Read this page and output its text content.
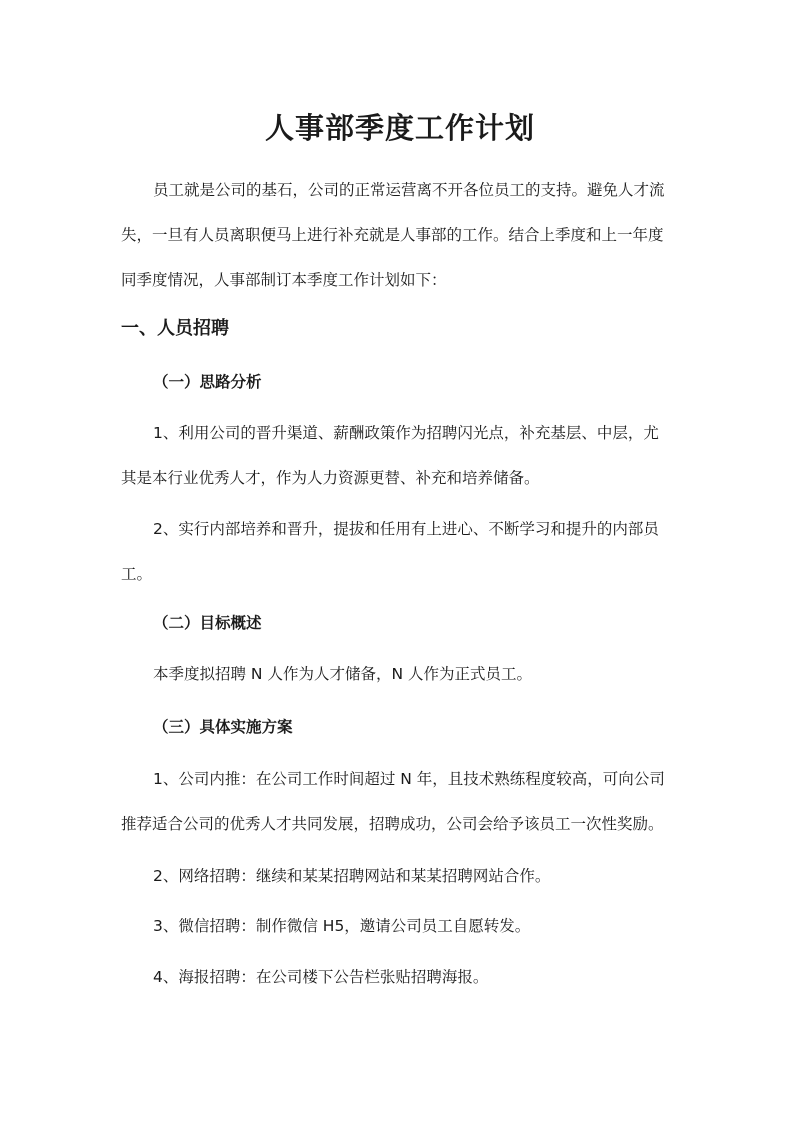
人事部季度工作计划

员工就是公司的基石，公司的正常运营离不开各位员工的支持。避免人才流

失，一旦有人员离职便马上进行补充就是人事部的工作。结合上季度和上一年度

同季度情况，人事部制订本季度工作计划如下：

一、人员招聘
（一）思路分析

1、利用公司的晋升渠道、薪酬政策作为招聘闪光点，补充基层、中层，尤

其是本行业优秀人才，作为人力资源更替、补充和培养储备。

2、实行内部培养和晋升，提拔和任用有上进心、不断学习和提升的内部员

工。

（二）目标概述

本季度拟招聘 N 人作为人才储备，N 人作为正式员工。

（三）具体实施方案

1、公司内推：在公司工作时间超过 N 年，且技术熟练程度较高，可向公司

推荐适合公司的优秀人才共同发展，招聘成功，公司会给予该员工一次性奖励。

2、网络招聘：继续和某某招聘网站和某某招聘网站合作。

3、微信招聘：制作微信 H5，邀请公司员工自愿转发。

4、海报招聘：在公司楼下公告栏张贴招聘海报。
